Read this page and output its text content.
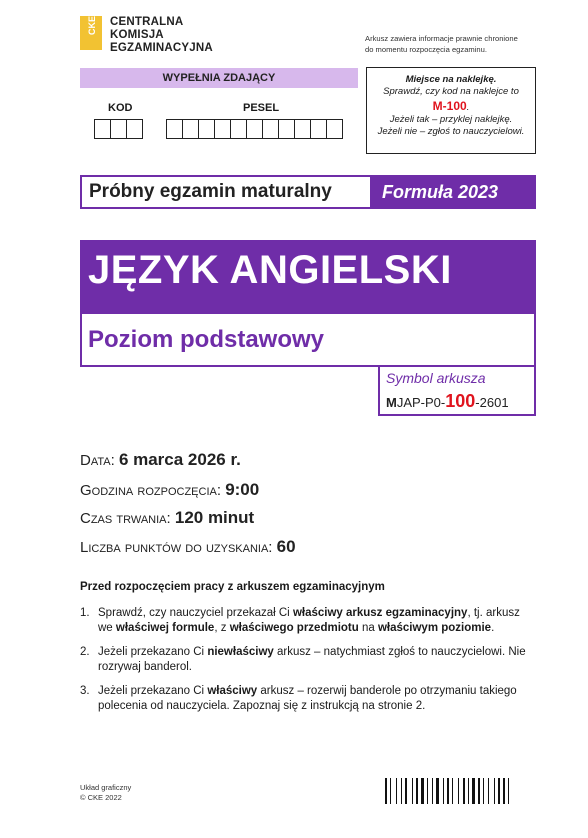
CKE CENTRALNA
KOMISJA
EGZAMINACYJNA
Arkusz zawiera informacje prawnie chronione
do momentu rozpoczęcia egzaminu.
WYPEŁNIA ZDAJĄCY
KOD	PESEL
Miejsce na naklejkę.
Sprawdź, czy kod na naklejce to
M-100.
Jeżeli tak – przyklej naklejkę.
Jeżeli nie – zgłoś to nauczycielowi.
Próbny egzamin maturalny	Formuła 2023
JĘZYK ANGIELSKI
Poziom podstawowy
Symbol arkusza
MJAP-P0-100-2601
Data: 6 marca 2026 r.
Godzina rozpoczęcia: 9:00
Czas trwania: 120 minut
Liczba punktów do uzyskania: 60
Przed rozpoczęciem pracy z arkuszem egzaminacyjnym
1. Sprawdź, czy nauczyciel przekazał Ci właściwy arkusz egzaminacyjny, tj. arkusz we właściwej formule, z właściwego przedmiotu na właściwym poziomie.
2. Jeżeli przekazano Ci niewłaściwy arkusz – natychmiast zgłoś to nauczycielowi. Nie rozrywaj banderol.
3. Jeżeli przekazano Ci właściwy arkusz – rozerwij banderole po otrzymaniu takiego polecenia od nauczyciela. Zapoznaj się z instrukcją na stronie 2.
Układ graficzny
© CKE 2022
